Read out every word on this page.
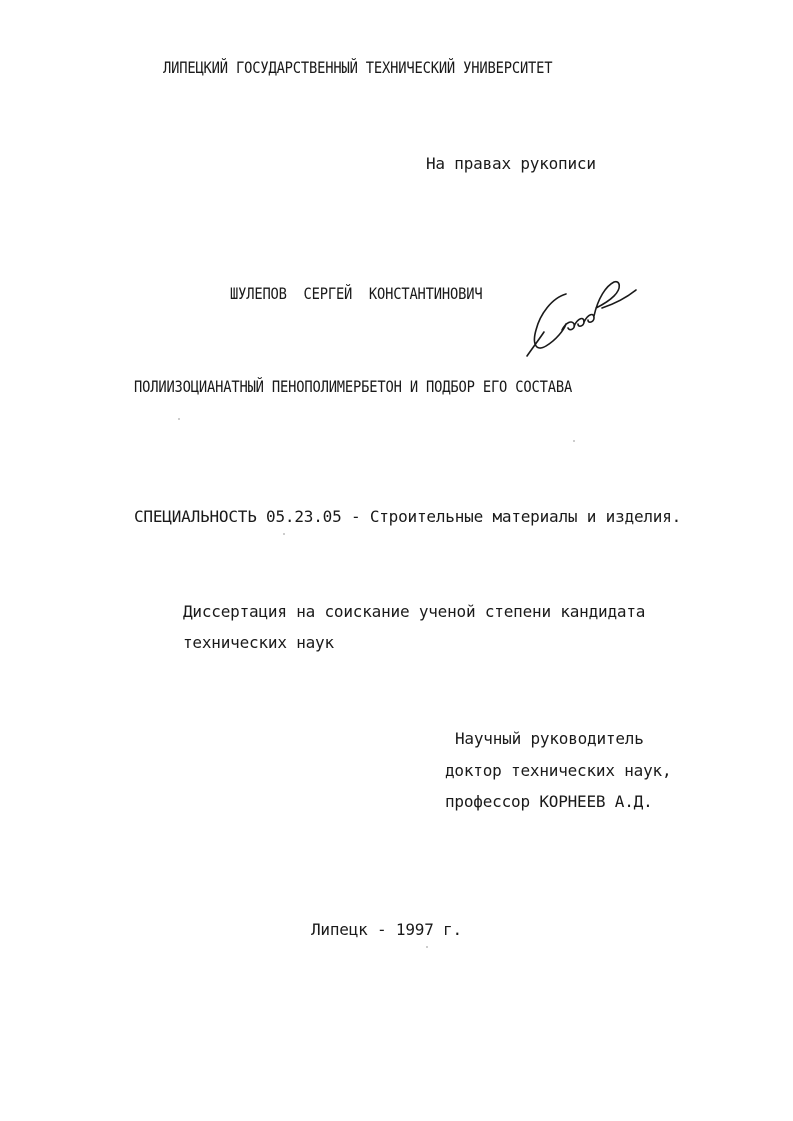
ЛИПЕЦКИЙ ГОСУДАРСТВЕННЫЙ ТЕХНИЧЕСКИЙ УНИВЕРСИТЕТ
На правах рукописи
ШУЛЕПОВ СЕРГЕЙ КОНСТАНТИНОВИЧ
ПОЛИИЗОЦИАНАТНЫЙ ПЕНОПОЛИМЕРБЕТОН И ПОДБОР ЕГО СОСТАВА
СПЕЦИАЛЬНОСТЬ 05.23.05 - Строительные материалы и изделия.
Диссертация на соискание ученой степени кандидата
технических наук
Научный руководитель
доктор технических наук,
профессор КОРНЕЕВ А.Д.
Липецк - 1997 г.
